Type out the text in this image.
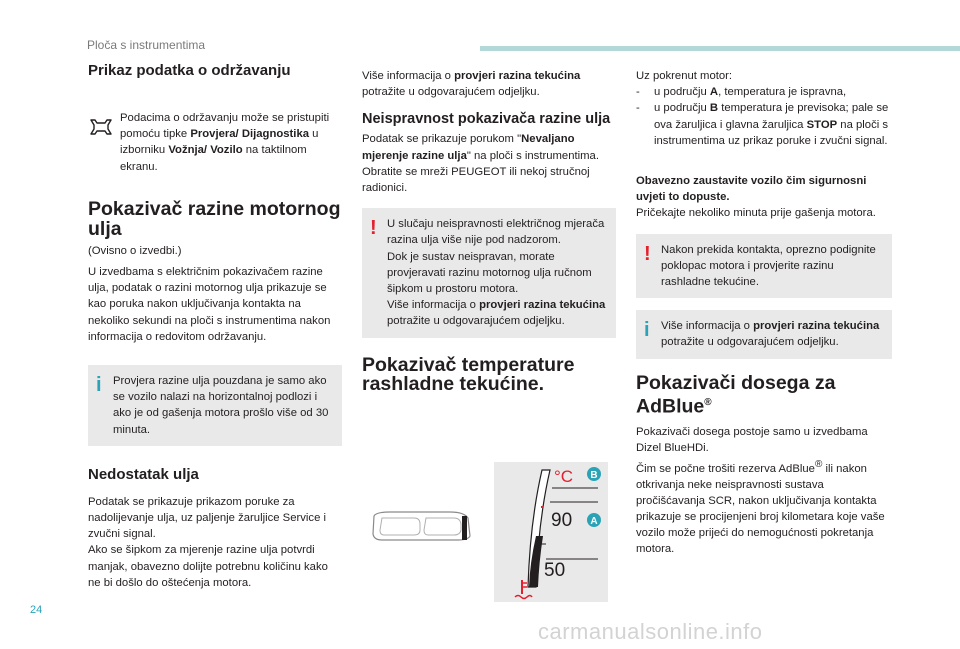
Ploča s instrumentima
Prikaz podatka o održavanju

Podacima o održavanju može se pristupiti pomoću tipke Provjera/ Dijagnostika u izborniku Vožnja/ Vozilo na taktilnom ekranu.

Pokazivač razine motornog ulja

(Ovisno o izvedbi.)

U izvedbama s električnim pokazivačem razine ulja, podatak o razini motornog ulja prikazuje se kao poruka nakon uključivanja kontakta na nekoliko sekundi na ploči s instrumentima nakon informacija o redovitom održavanju.

i Provjera razine ulja pouzdana je samo ako se vozilo nalazi na horizontalnoj podlozi i ako je od gašenja motora prošlo više od 30 minuta.

Nedostatak ulja

Podatak se prikazuje prikazom poruke za nadolijevanje ulja, uz paljenje žaruljice Service i zvučni signal.

Ako se šipkom za mjerenje razine ulja potvrdi manjak, obavezno dolijte potrebnu količinu kako ne bi došlo do oštećenja motora.

Više informacija o provjeri razina tekućina potražite u odgovarajućem odjeljku.

Neispravnost pokazivača razine ulja

Podatak se prikazuje porukom "Nevaljano mjerenje razine ulja" na ploči s instrumentima. Obratite se mreži PEUGEOT ili nekoj stručnoj radionici.

! U slučaju neispravnosti električnog mjerača razina ulja više nije pod nadzorom.

Dok je sustav neispravan, morate provjeravati razinu motornog ulja ručnom šipkom u prostoru motora.

Više informacija o provjeri razina tekućina potražite u odgovarajućem odjeljku.

Pokazivač temperature rashladne tekućine.
°C B
90 A
50

Uz pokrenut motor:

- u području A, temperatura je ispravna,

- u području B temperatura je previsoka; pale se ova žaruljica i glavna žaruljica STOP na ploči s instrumentima uz prikaz poruke i zvučni signal.

Obavezno zaustavite vozilo čim sigurnosni uvjeti to dopuste.

Pričekajte nekoliko minuta prije gašenja motora.

! Nakon prekida kontakta, oprezno podignite poklopac motora i provjerite razinu rashladne tekućine.

i Više informacija o provjeri razina tekućina potražite u odgovarajućem odjeljku.

Pokazivači dosega za AdBlue®

Pokazivači dosega postoje samo u izvedbama Dizel BlueHDi.

Čim se počne trošiti rezerva AdBlue® ili nakon otkrivanja neke neispravnosti sustava pročišćavanja SCR, nakon uključivanja kontakta prikazuje se procijenjeni broj kilometara koje vaše vozilo može prijeći do nemogućnosti pokretanja motora.

24
carmanualsonline.info
